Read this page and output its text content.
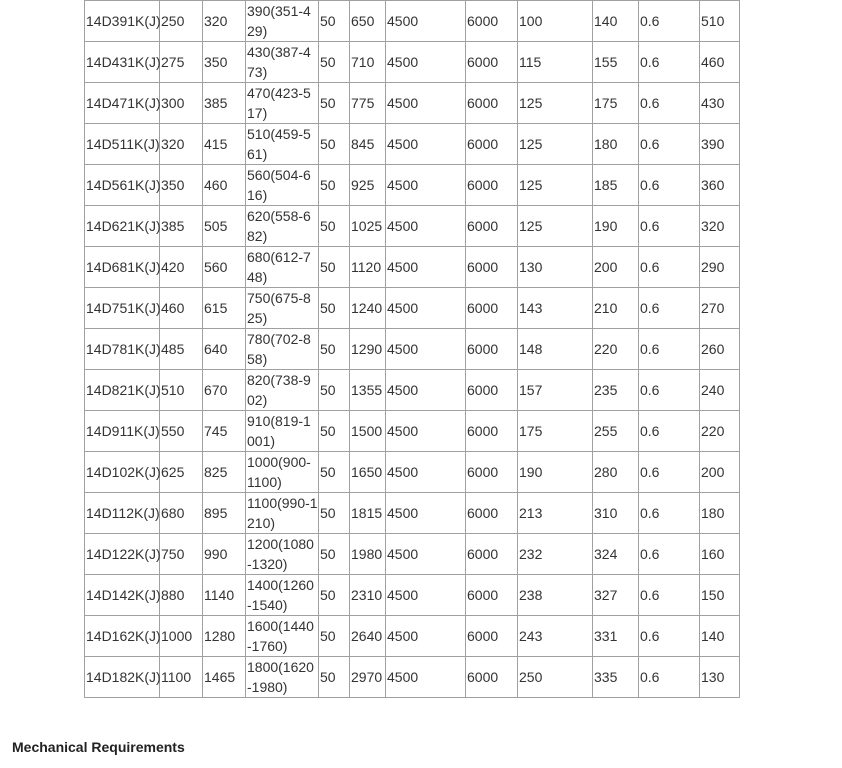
14D391K(J)	250	320	390(351-429)	50	650	4500	6000	100	140	0.6	510
14D431K(J)	275	350	430(387-473)	50	710	4500	6000	115	155	0.6	460
14D471K(J)	300	385	470(423-517)	50	775	4500	6000	125	175	0.6	430
14D511K(J)	320	415	510(459-561)	50	845	4500	6000	125	180	0.6	390
14D561K(J)	350	460	560(504-616)	50	925	4500	6000	125	185	0.6	360
14D621K(J)	385	505	620(558-682)	50	1025	4500	6000	125	190	0.6	320
14D681K(J)	420	560	680(612-748)	50	1120	4500	6000	130	200	0.6	290
14D751K(J)	460	615	750(675-825)	50	1240	4500	6000	143	210	0.6	270
14D781K(J)	485	640	780(702-858)	50	1290	4500	6000	148	220	0.6	260
14D821K(J)	510	670	820(738-902)	50	1355	4500	6000	157	235	0.6	240
14D911K(J)	550	745	910(819-1001)	50	1500	4500	6000	175	255	0.6	220
14D102K(J)	625	825	1000(900-1100)	50	1650	4500	6000	190	280	0.6	200
14D112K(J)	680	895	1100(990-1210)	50	1815	4500	6000	213	310	0.6	180
14D122K(J)	750	990	1200(1080-1320)	50	1980	4500	6000	232	324	0.6	160
14D142K(J)	880	1140	1400(1260-1540)	50	2310	4500	6000	238	327	0.6	150
14D162K(J)	1000	1280	1600(1440-1760)	50	2640	4500	6000	243	331	0.6	140
14D182K(J)	1100	1465	1800(1620-1980)	50	2970	4500	6000	250	335	0.6	130
Mechanical Requirements
